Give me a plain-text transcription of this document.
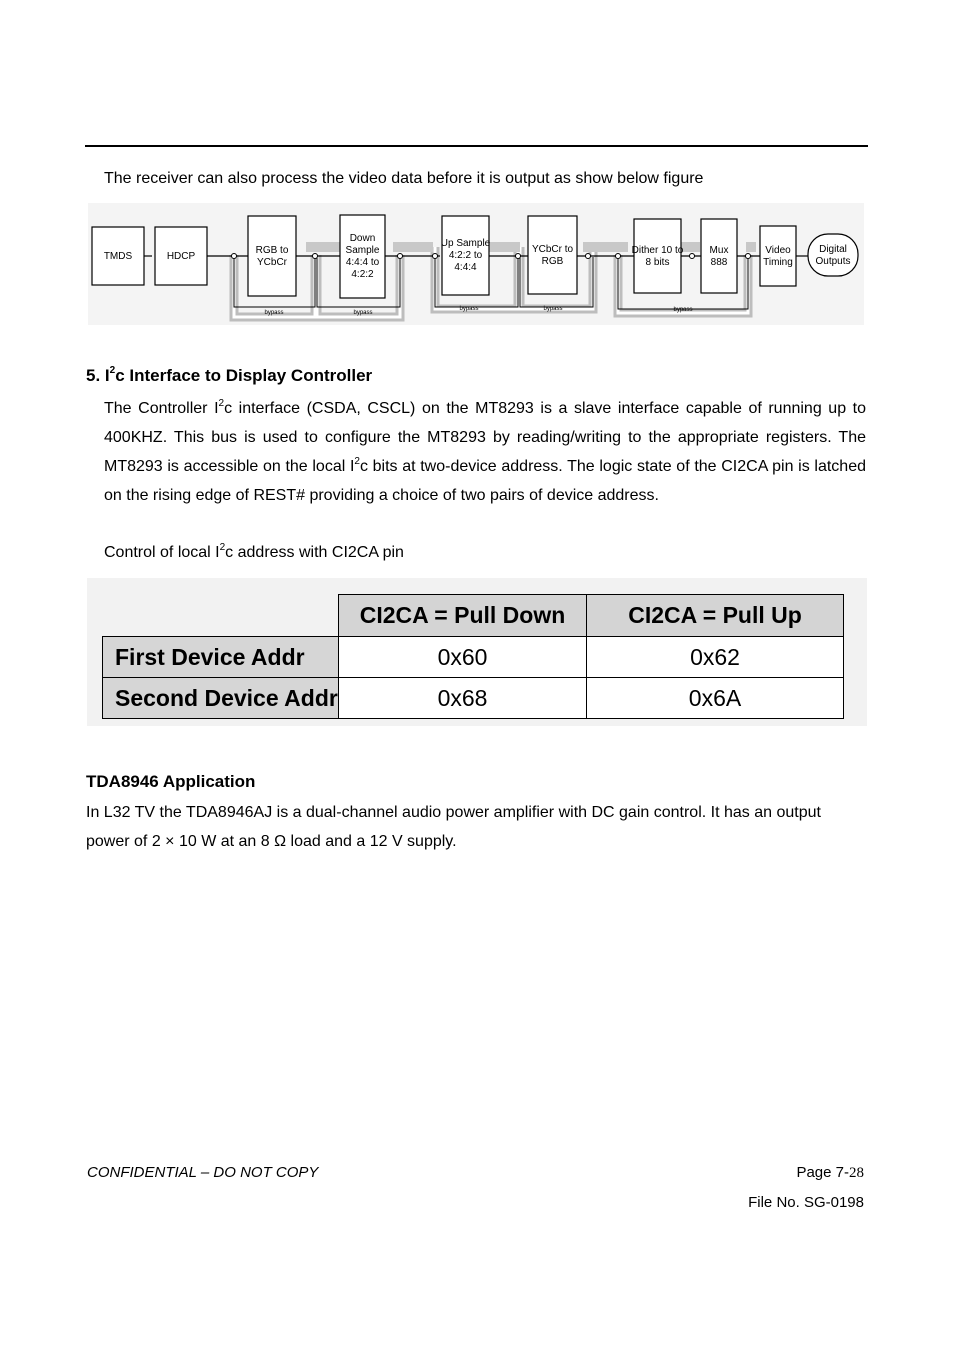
The receiver can also process the video data before it is output as show below figure
TMDS	HDCP
RGB to
YCbCr
Down
Sample
4:4:4 to
4:2:2
Up Sample
4:2:2 to
4:4:4
YCbCr to
RGB
Dither 10 to
8 bits
Mux
888
Video
Timing
Digital
Outputs
bypass	bypass
bypass	bypass	bypass
5. $I^2c$ Interface to Display Controller
The Controller $I^2c$ interface (CSDA, CSCL) on the MT8293 is a slave interface capable of running up to 400KHZ. This bus is used to configure the MT8293 by reading/writing to the appropriate registers. The MT8293 is accessible on the local $I^2c$ bits at two-device address. The logic state of the CI2CA pin is latched on the rising edge of REST# providing a choice of two pairs of device address.
Control of local $I^2c$ address with CI2CA pin
CI2CA = Pull Down	CI2CA = Pull Up
First Device Addr	0x60	0x62
Second Device Addr	0x68	0x6A
TDA8946 Application
In L32 TV the TDA8946AJ is a dual-channel audio power amplifier with DC gain control. It has an output power of 2 × 10 W at an 8 Ω load and a 12 V supply.
CONFIDENTIAL – DO NOT COPY	Page 7-28
File No. SG-0198
